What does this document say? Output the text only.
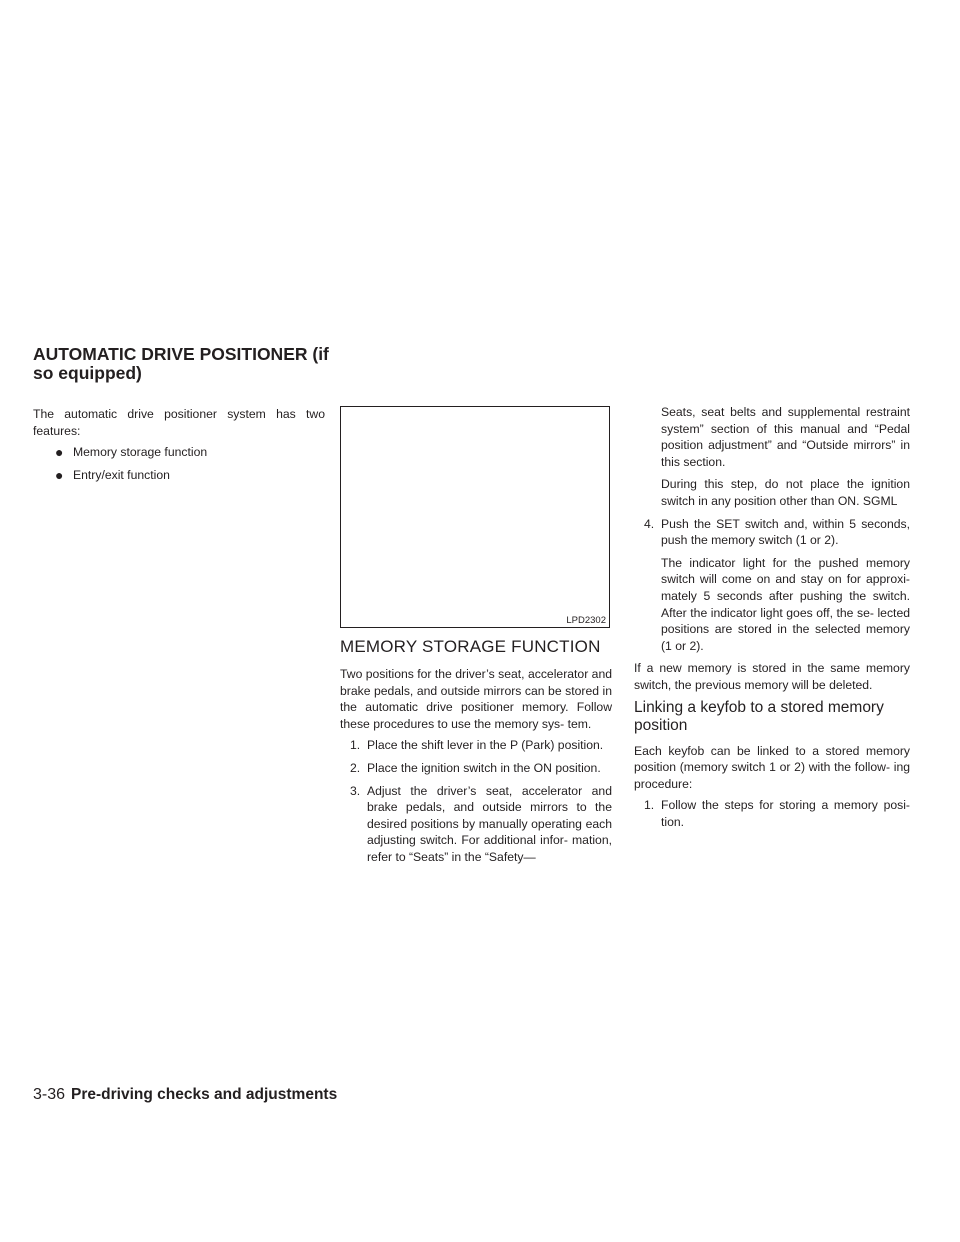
AUTOMATIC DRIVE POSITIONER (if so equipped)

The automatic drive positioner system has two features:

● Memory storage function
● Entry/exit function
LPD2302
MEMORY STORAGE FUNCTION

Two positions for the driver’s seat, accelerator and brake pedals, and outside mirrors can be stored in the automatic drive positioner memory. Follow these procedures to use the memory sys- tem.

1. Place the shift lever in the P (Park) position.

2. Place the ignition switch in the ON position.

3. Adjust the driver’s seat, accelerator and brake pedals, and outside mirrors to the desired positions by manually operating each adjusting switch. For additional infor- mation, refer to “Seats” in the “Safety—

Seats, seat belts and supplemental restraint system” section of this manual and “Pedal position adjustment” and “Outside mirrors” in this section.

During this step, do not place the ignition switch in any position other than ON. SGML

4. Push the SET switch and, within 5 seconds, push the memory switch (1 or 2).

The indicator light for the pushed memory switch will come on and stay on for approxi- mately 5 seconds after pushing the switch. After the indicator light goes off, the se- lected positions are stored in the selected memory (1 or 2).

If a new memory is stored in the same memory switch, the previous memory will be deleted.

Linking a keyfob to a stored memory position

Each keyfob can be linked to a stored memory position (memory switch 1 or 2) with the follow- ing procedure:

1. Follow the steps for storing a memory posi- tion.

3-36 Pre-driving checks and adjustments
